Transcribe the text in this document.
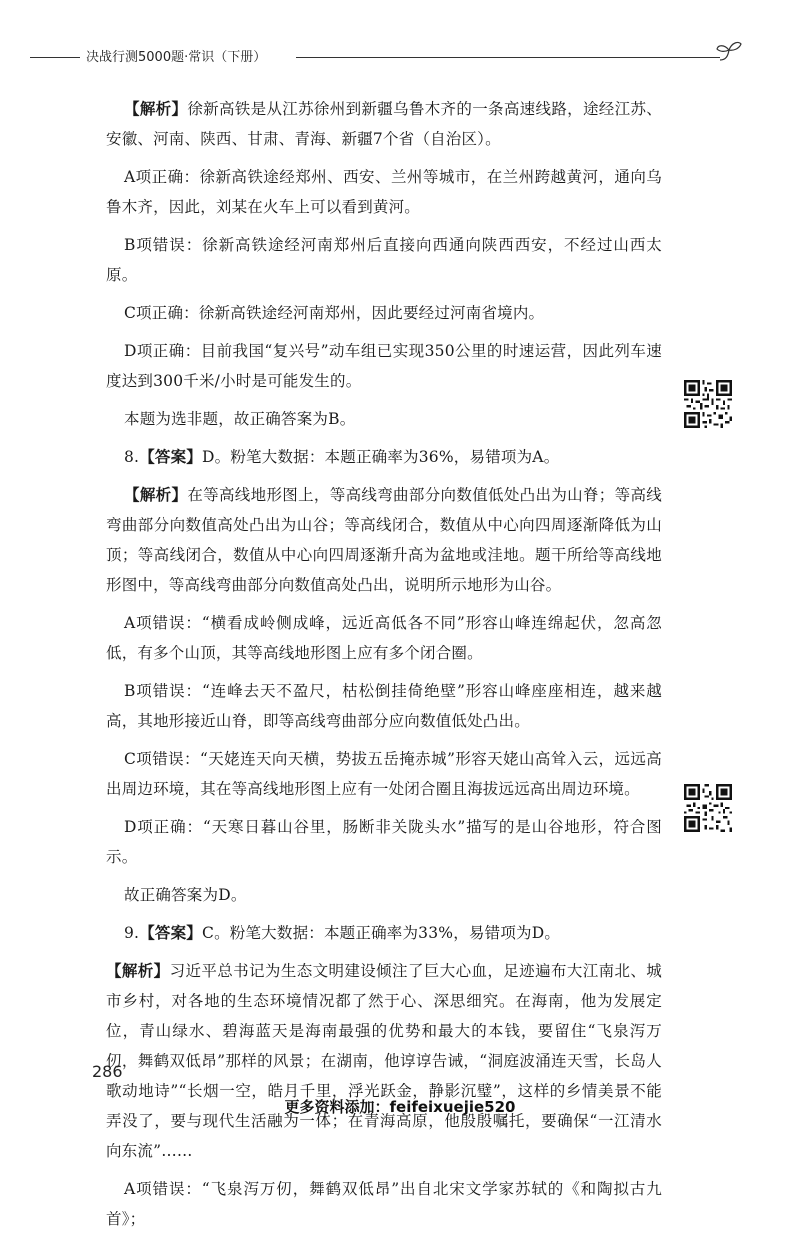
决战行测5000题·常识（下册）

【解析】徐新高铁是从江苏徐州到新疆乌鲁木齐的一条高速线路，途经江苏、安徽、河南、陕西、甘肃、青海、新疆7个省（自治区）。

A项正确：徐新高铁途经郑州、西安、兰州等城市，在兰州跨越黄河，通向乌鲁木齐，因此，刘某在火车上可以看到黄河。

B项错误：徐新高铁途经河南郑州后直接向西通向陕西西安，不经过山西太原。

C项正确：徐新高铁途经河南郑州，因此要经过河南省境内。

D项正确：目前我国“复兴号”动车组已实现350公里的时速运营，因此列车速度达到300千米/小时是可能发生的。

本题为选非题，故正确答案为B。

8.【答案】D。粉笔大数据：本题正确率为36%，易错项为A。

【解析】在等高线地形图上，等高线弯曲部分向数值低处凸出为山脊；等高线弯曲部分向数值高处凸出为山谷；等高线闭合，数值从中心向四周逐渐降低为山顶；等高线闭合，数值从中心向四周逐渐升高为盆地或洼地。题干所给等高线地形图中，等高线弯曲部分向数值高处凸出，说明所示地形为山谷。

A项错误：“横看成岭侧成峰，远近高低各不同”形容山峰连绵起伏，忽高忽低，有多个山顶，其等高线地形图上应有多个闭合圈。

B项错误：“连峰去天不盈尺，枯松倒挂倚绝壁”形容山峰座座相连，越来越高，其地形接近山脊，即等高线弯曲部分应向数值低处凸出。

C项错误：“天姥连天向天横，势拔五岳掩赤城”形容天姥山高耸入云，远远高出周边环境，其在等高线地形图上应有一处闭合圈且海拔远远高出周边环境。

D项正确：“天寒日暮山谷里，肠断非关陇头水”描写的是山谷地形，符合图示。

故正确答案为D。

9.【答案】C。粉笔大数据：本题正确率为33%，易错项为D。

【解析】习近平总书记为生态文明建设倾注了巨大心血，足迹遍布大江南北、城市乡村，对各地的生态环境情况都了然于心、深思细究。在海南，他为发展定位，青山绿水、碧海蓝天是海南最强的优势和最大的本钱，要留住“飞泉泻万仞，舞鹤双低昂”那样的风景；在湖南，他谆谆告诫，“洞庭波涌连天雪，长岛人歌动地诗”“长烟一空，皓月千里，浮光跃金，静影沉璧”，这样的乡情美景不能弄没了，要与现代生活融为一体；在青海高原，他殷殷嘱托，要确保“一江清水向东流”……

A项错误：“飞泉泻万仞，舞鹤双低昂”出自北宋文学家苏轼的《和陶拟古九首》；

286
更多资料添加：feifeixuejie520
